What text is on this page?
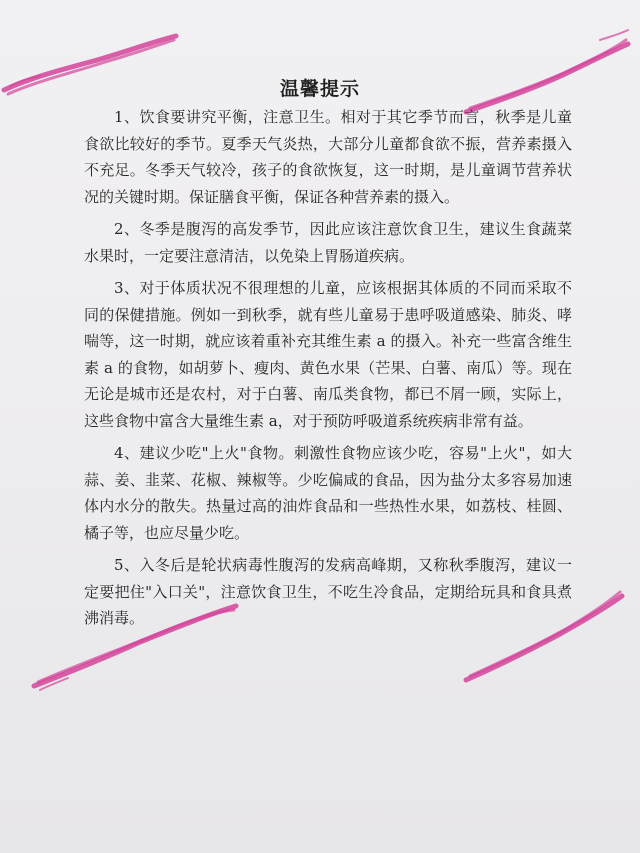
温馨提示

1、饮食要讲究平衡，注意卫生。相对于其它季节而言，秋季是儿童食欲比较好的季节。夏季天气炎热，大部分儿童都食欲不振，营养素摄入不充足。冬季天气较冷，孩子的食欲恢复，这一时期，是儿童调节营养状况的关键时期。保证膳食平衡，保证各种营养素的摄入。

2、冬季是腹泻的高发季节，因此应该注意饮食卫生，建议生食蔬菜水果时，一定要注意清洁，以免染上胃肠道疾病。

3、对于体质状况不很理想的儿童，应该根据其体质的不同而采取不同的保健措施。例如一到秋季，就有些儿童易于患呼吸道感染、肺炎、哮喘等，这一时期，就应该着重补充其维生素 a 的摄入。补充一些富含维生素 a 的食物，如胡萝卜、瘦肉、黄色水果（芒果、白薯、南瓜）等。现在无论是城市还是农村，对于白薯、南瓜类食物，都已不屑一顾，实际上，这些食物中富含大量维生素 a，对于预防呼吸道系统疾病非常有益。

4、建议少吃"上火"食物。刺激性食物应该少吃，容易"上火"，如大蒜、姜、韭菜、花椒、辣椒等。少吃偏咸的食品，因为盐分太多容易加速体内水分的散失。热量过高的油炸食品和一些热性水果，如荔枝、桂圆、橘子等，也应尽量少吃。

5、入冬后是轮状病毒性腹泻的发病高峰期，又称秋季腹泻，建议一定要把住"入口关"，注意饮食卫生，不吃生冷食品，定期给玩具和食具煮沸消毒。
